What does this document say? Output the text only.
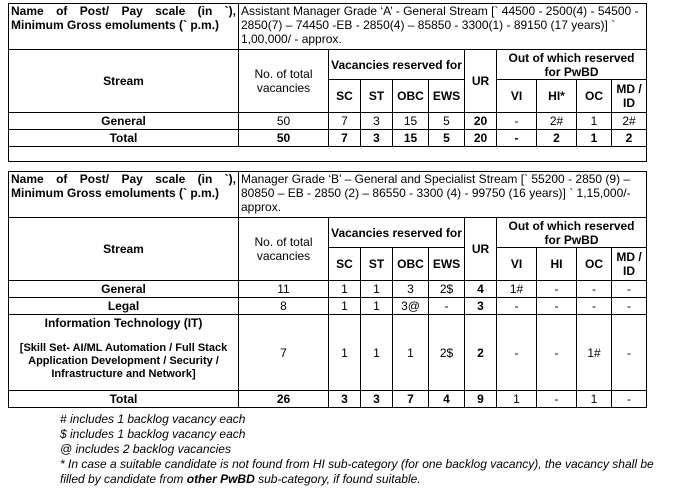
Name of Post/ Pay scale (in `), Minimum Gross emoluments (` p.m.)	Assistant Manager Grade ‘A’ - General Stream [` 44500 - 2500(4) - 54500 - 2850(7) – 74450 -EB - 2850(4) – 85850 - 3300(1) - 89150 (17 years)] ` 1,00,000/ - approx.									
Stream	No. of total vacancies	Vacancies reserved for				UR	Out of which reserved for PwBD			
		SC	ST	OBC	EWS		VI	HI*	OC	MD / ID
General	50	7	3	15	5	20	-	2#	1	2#
Total	50	7	3	15	5	20	-	2	1	2

Name of Post/ Pay scale (in `), Minimum Gross emoluments (` p.m.)	Manager Grade ‘B’ – General and Specialist Stream [` 55200 - 2850 (9) – 80850 – EB - 2850 (2) – 86550 - 3300 (4) - 99750 (16 years)] ` 1,15,000/- approx.									
Stream	No. of total vacancies	Vacancies reserved for				UR	Out of which reserved for PwBD			
		SC	ST	OBC	EWS		VI	HI	OC	MD / ID
General	11	1	1	3	2$	4	1#	-	-	-
Legal	8	1	1	3@	-	3	-	-	-	-

Information Technology (IT)
[Skill Set- AI/ML Automation / Full Stack Application Development / Security / Infrastructure and Network]	7	1	1	1	2$	2	-	-	1#	-
Total	26	3	3	7	4	9	1	-	1	-
# includes 1 backlog vacancy each
$ includes 1 backlog vacancy each
@ includes 2 backlog vacancies
* In case a suitable candidate is not found from HI sub-category (for one backlog vacancy), the vacancy shall be filled by candidate from other PwBD sub-category, if found suitable.
